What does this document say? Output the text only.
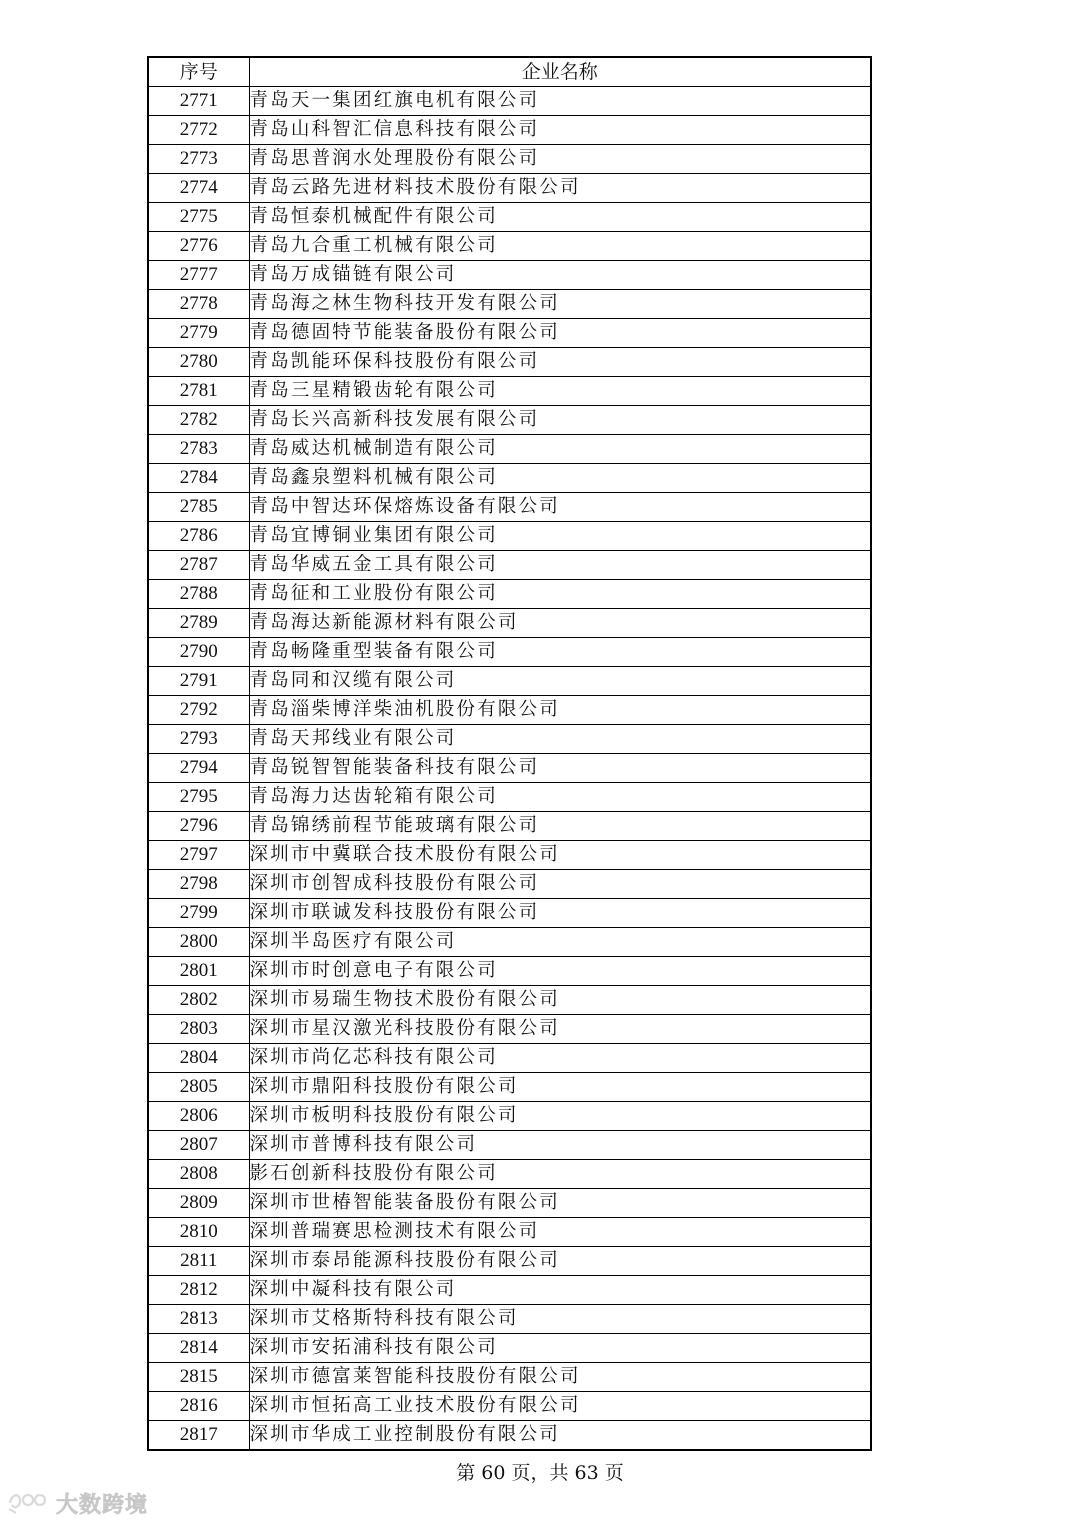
序号	企业名称
2771	青岛天一集团红旗电机有限公司
2772	青岛山科智汇信息科技有限公司
2773	青岛思普润水处理股份有限公司
2774	青岛云路先进材料技术股份有限公司
2775	青岛恒泰机械配件有限公司
2776	青岛九合重工机械有限公司
2777	青岛万成锚链有限公司
2778	青岛海之林生物科技开发有限公司
2779	青岛德固特节能装备股份有限公司
2780	青岛凯能环保科技股份有限公司
2781	青岛三星精锻齿轮有限公司
2782	青岛长兴高新科技发展有限公司
2783	青岛威达机械制造有限公司
2784	青岛鑫泉塑料机械有限公司
2785	青岛中智达环保熔炼设备有限公司
2786	青岛宜博铜业集团有限公司
2787	青岛华威五金工具有限公司
2788	青岛征和工业股份有限公司
2789	青岛海达新能源材料有限公司
2790	青岛畅隆重型装备有限公司
2791	青岛同和汉缆有限公司
2792	青岛淄柴博洋柴油机股份有限公司
2793	青岛天邦线业有限公司
2794	青岛锐智智能装备科技有限公司
2795	青岛海力达齿轮箱有限公司
2796	青岛锦绣前程节能玻璃有限公司
2797	深圳市中冀联合技术股份有限公司
2798	深圳市创智成科技股份有限公司
2799	深圳市联诚发科技股份有限公司
2800	深圳半岛医疗有限公司
2801	深圳市时创意电子有限公司
2802	深圳市易瑞生物技术股份有限公司
2803	深圳市星汉激光科技股份有限公司
2804	深圳市尚亿芯科技有限公司
2805	深圳市鼎阳科技股份有限公司
2806	深圳市板明科技股份有限公司
2807	深圳市普博科技有限公司
2808	影石创新科技股份有限公司
2809	深圳市世椿智能装备股份有限公司
2810	深圳普瑞赛思检测技术有限公司
2811	深圳市泰昂能源科技股份有限公司
2812	深圳中凝科技有限公司
2813	深圳市艾格斯特科技有限公司
2814	深圳市安拓浦科技有限公司
2815	深圳市德富莱智能科技股份有限公司
2816	深圳市恒拓高工业技术股份有限公司
2817	深圳市华成工业控制股份有限公司
第 60 页，共 63 页
大数跨境
